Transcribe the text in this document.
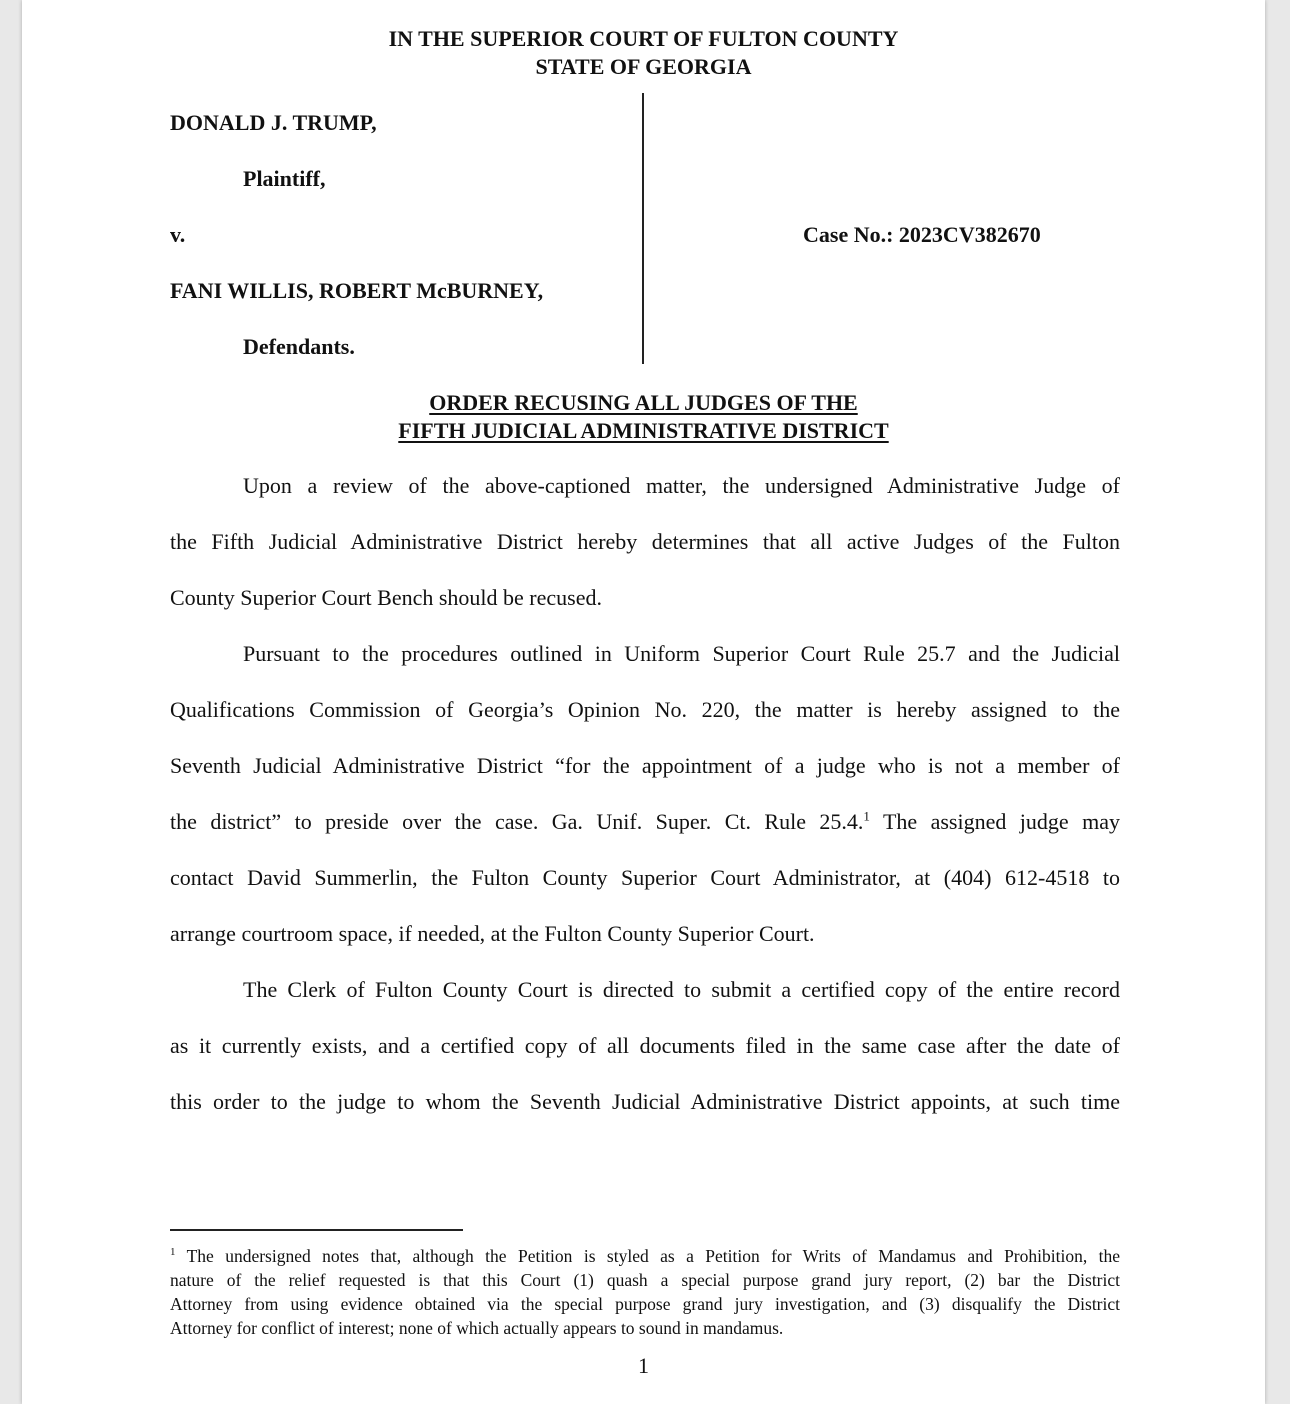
IN THE SUPERIOR COURT OF FULTON COUNTY
STATE OF GEORGIA
DONALD J. TRUMP,
Plaintiff,
v.	Case No.: 2023CV382670
FANI WILLIS, ROBERT McBURNEY,
Defendants.
ORDER RECUSING ALL JUDGES OF THE
FIFTH JUDICIAL ADMINISTRATIVE DISTRICT
Upon a review of the above-captioned matter, the undersigned Administrative Judge of
the Fifth Judicial Administrative District hereby determines that all active Judges of the Fulton
County Superior Court Bench should be recused.
Pursuant to the procedures outlined in Uniform Superior Court Rule 25.7 and the Judicial
Qualifications Commission of Georgia’s Opinion No. 220, the matter is hereby assigned to the
Seventh Judicial Administrative District “for the appointment of a judge who is not a member of
the district” to preside over the case. Ga. Unif. Super. Ct. Rule 25.4.$^1$ The assigned judge may
contact David Summerlin, the Fulton County Superior Court Administrator, at (404) 612-4518 to
arrange courtroom space, if needed, at the Fulton County Superior Court.
The Clerk of Fulton County Court is directed to submit a certified copy of the entire record
as it currently exists, and a certified copy of all documents filed in the same case after the date of
this order to the judge to whom the Seventh Judicial Administrative District appoints, at such time
$^1$ The undersigned notes that, although the Petition is styled as a Petition for Writs of Mandamus and Prohibition, the
nature of the relief requested is that this Court (1) quash a special purpose grand jury report, (2) bar the District
Attorney from using evidence obtained via the special purpose grand jury investigation, and (3) disqualify the District
Attorney for conflict of interest; none of which actually appears to sound in mandamus.
1
